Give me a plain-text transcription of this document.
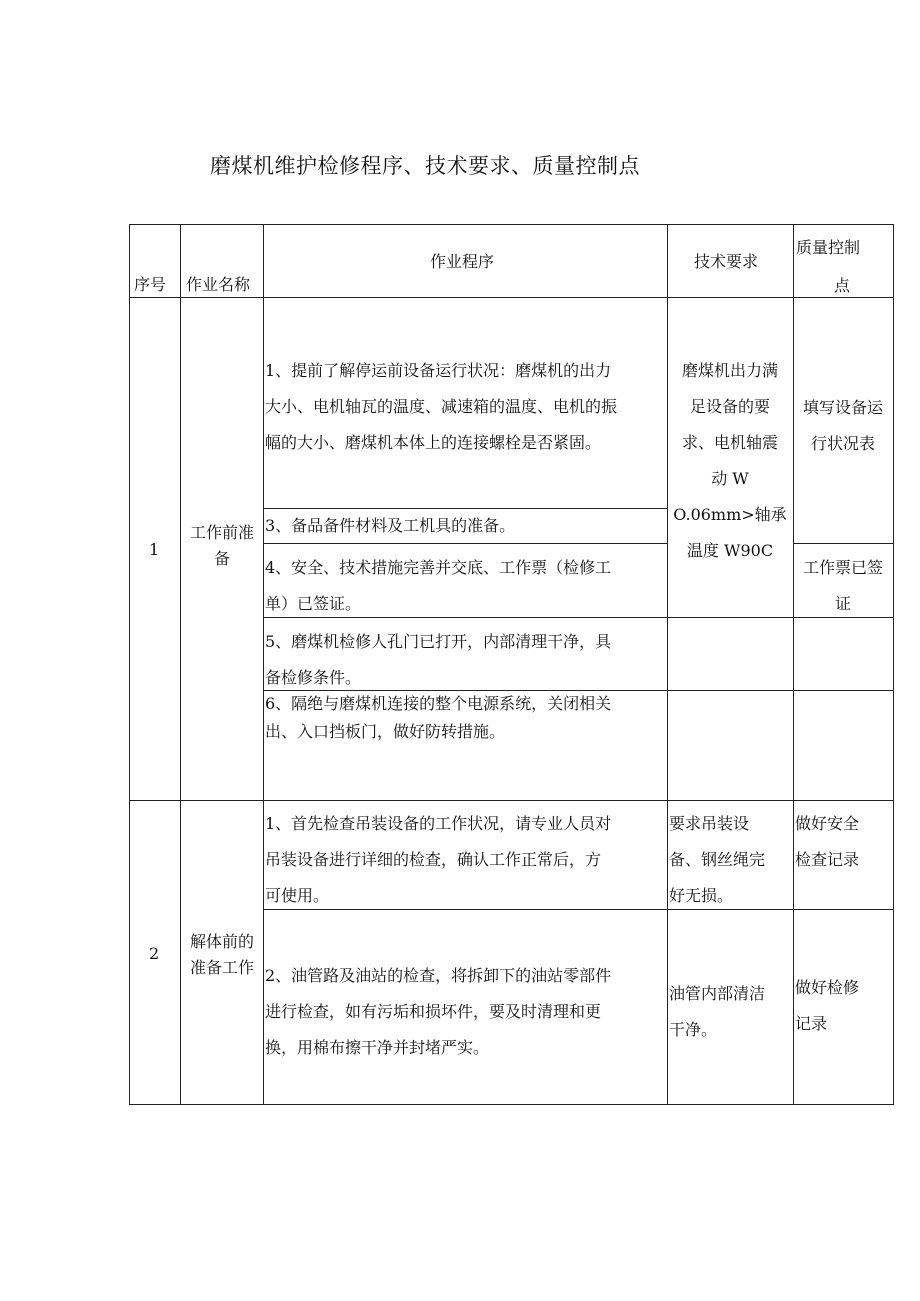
磨煤机维护检修程序、技术要求、质量控制点
序号 作业名称
作业程序	技术要求
质量控制
点
1
工作前准
备
1、提前了解停运前设备运行状况：磨煤机的出力
大小、电机轴瓦的温度、减速箱的温度、电机的振
幅的大小、磨煤机本体上的连接螺栓是否紧固。
3、备品备件材料及工机具的准备。
4、安全、技术措施完善并交底、工作票（检修工
单）已签证。
5、磨煤机检修人孔门已打开，内部清理干净，具
备检修条件。
6、隔绝与磨煤机连接的整个电源系统，关闭相关
出、入口挡板门，做好防转措施。
磨煤机出力满
足设备的要
求、电机轴震
动 W
O.06mm>轴承
温度 W90C
填写设备运
行状况表
工作票已签
证
2
解体前的
准备工作
1、首先检查吊装设备的工作状况，请专业人员对
吊装设备进行详细的检查，确认工作正常后，方
可使用。
2、油管路及油站的检查，将拆卸下的油站零部件
进行检查，如有污垢和损坏件，要及时清理和更
换，用棉布擦干净并封堵严实。
要求吊装设
备、钢丝绳完
好无损。
油管内部清洁
干净。
做好安全
检查记录
做好检修
记录
